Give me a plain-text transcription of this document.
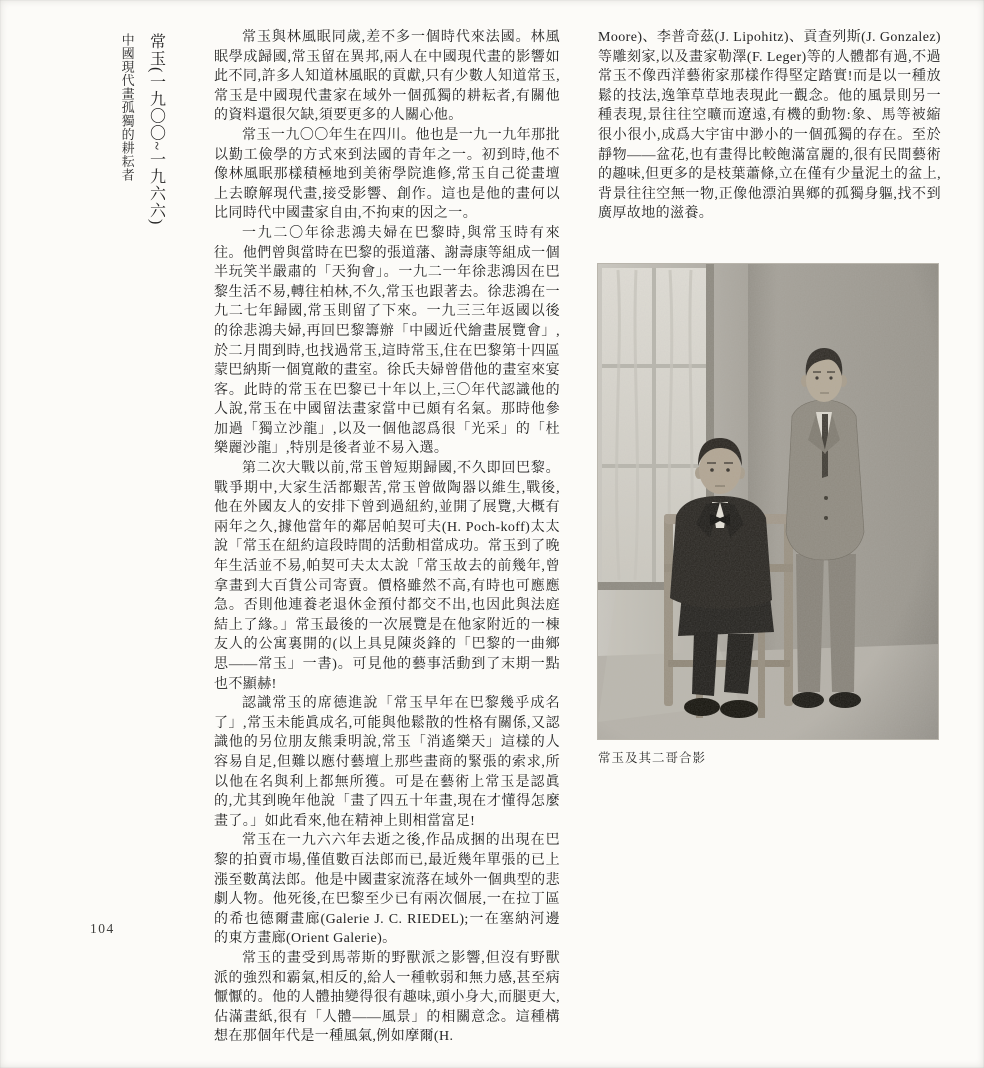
104
常玉(一九〇〇~一九六六)
中國現代畫孤獨的耕耘者	常玉與林風眠同歲,差不多一個時代來法國。林風眠學成歸國,常玉留在異邦,兩人在中國現代畫的影響如此不同,許多人知道林風眠的貢獻,只有少數人知道常玉,常玉是中國現代畫家在域外一個孤獨的耕耘者,有關他的資料還很欠缺,須要更多的人關心他。

常玉一九〇〇年生在四川。他也是一九一九年那批以勤工儉學的方式來到法國的青年之一。初到時,他不像林風眠那樣積極地到美術學院進修,常玉自己從畫壇上去瞭解現代畫,接受影響、創作。這也是他的畫何以比同時代中國畫家自由,不拘束的因之一。

一九二〇年徐悲鴻夫婦在巴黎時,與常玉時有來往。他們曾與當時在巴黎的張道藩、謝壽康等組成一個半玩笑半嚴肅的「天狗會」。一九二一年徐悲鴻因在巴黎生活不易,轉往柏林,不久,常玉也跟著去。徐悲鴻在一九二七年歸國,常玉則留了下來。一九三三年返國以後的徐悲鴻夫婦,再回巴黎籌辦「中國近代繪畫展覽會」,於二月間到時,也找過常玉,這時常玉,住在巴黎第十四區蒙巴納斯一個寬敞的畫室。徐氏夫婦曾借他的畫室來宴客。此時的常玉在巴黎已十年以上,三〇年代認識他的人說,常玉在中國留法畫家當中已頗有名氣。那時他參加過「獨立沙龍」,以及一個他認爲很「光采」的「杜樂麗沙龍」,特別是後者並不易入選。

第二次大戰以前,常玉曾短期歸國,不久即回巴黎。戰爭期中,大家生活都艱苦,常玉曾做陶器以維生,戰後,他在外國友人的安排下曾到過紐約,並開了展覽,大概有兩年之久,據他當年的鄰居帕契可夫(H. Poch-koff)太太說「常玉在紐約這段時間的活動相當成功。常玉到了晚年生活並不易,帕契可夫太太說「常玉故去的前幾年,曾拿畫到大百貨公司寄賣。價格雖然不高,有時也可應應急。否則他連養老退休金預付都交不出,也因此與法庭結上了緣。」常玉最後的一次展覽是在他家附近的一棟友人的公寓裏開的(以上具見陳炎鋒的「巴黎的一曲鄉思——常玉」一書)。可見他的藝事活動到了末期一點也不顯赫!

認識常玉的席德進說「常玉早年在巴黎幾乎成名了」,常玉未能眞成名,可能與他鬆散的性格有關係,又認識他的另位朋友熊秉明說,常玉「消遙樂天」這樣的人容易自足,但難以應付藝壇上那些畫商的緊張的索求,所以他在名與利上都無所獲。可是在藝術上常玉是認眞的,尤其到晚年他說「畫了四五十年畫,現在才懂得怎麼畫了。」如此看來,他在精神上則相當富足!

常玉在一九六六年去逝之後,作品成捆的出現在巴黎的拍賣市場,僅值數百法郎而已,最近幾年單張的已上漲至數萬法郎。他是中國畫家流落在域外一個典型的悲劇人物。他死後,在巴黎至少已有兩次個展,一在拉丁區的希也德爾畫廊(Galerie J. C. RIEDEL);一在塞納河邊的東方畫廊(Orient Galerie)。

常玉的畫受到馬蒂斯的野獸派之影響,但沒有野獸派的強烈和霸氣,相反的,給人一種軟弱和無力感,甚至病懨懨的。他的人體抽變得很有趣味,頭小身大,而腿更大,佔滿畫紙,很有「人體——風景」的相關意念。這種構想在那個年代是一種風氣,例如摩爾(H.

Moore)、李普奇茲(J. Lipohitz)、貢查列斯(J. Gonzalez)等雕刻家,以及畫家勒澤(F. Leger)等的人體都有過,不過常玉不像西洋藝術家那樣作得堅定踏實!而是以一種放鬆的技法,逸筆草草地表現此一觀念。他的風景則另一種表現,景往往空曠而遼遠,有機的動物:象、馬等被縮很小很小,成爲大宇宙中渺小的一個孤獨的存在。至於靜物——盆花,也有畫得比較飽滿富麗的,很有民間藝術的趣味,但更多的是枝葉蕭條,立在僅有少量泥土的盆上,背景往往空無一物,正像他漂泊異鄉的孤獨身軀,找不到廣厚故地的滋養。

常玉及其二哥合影
